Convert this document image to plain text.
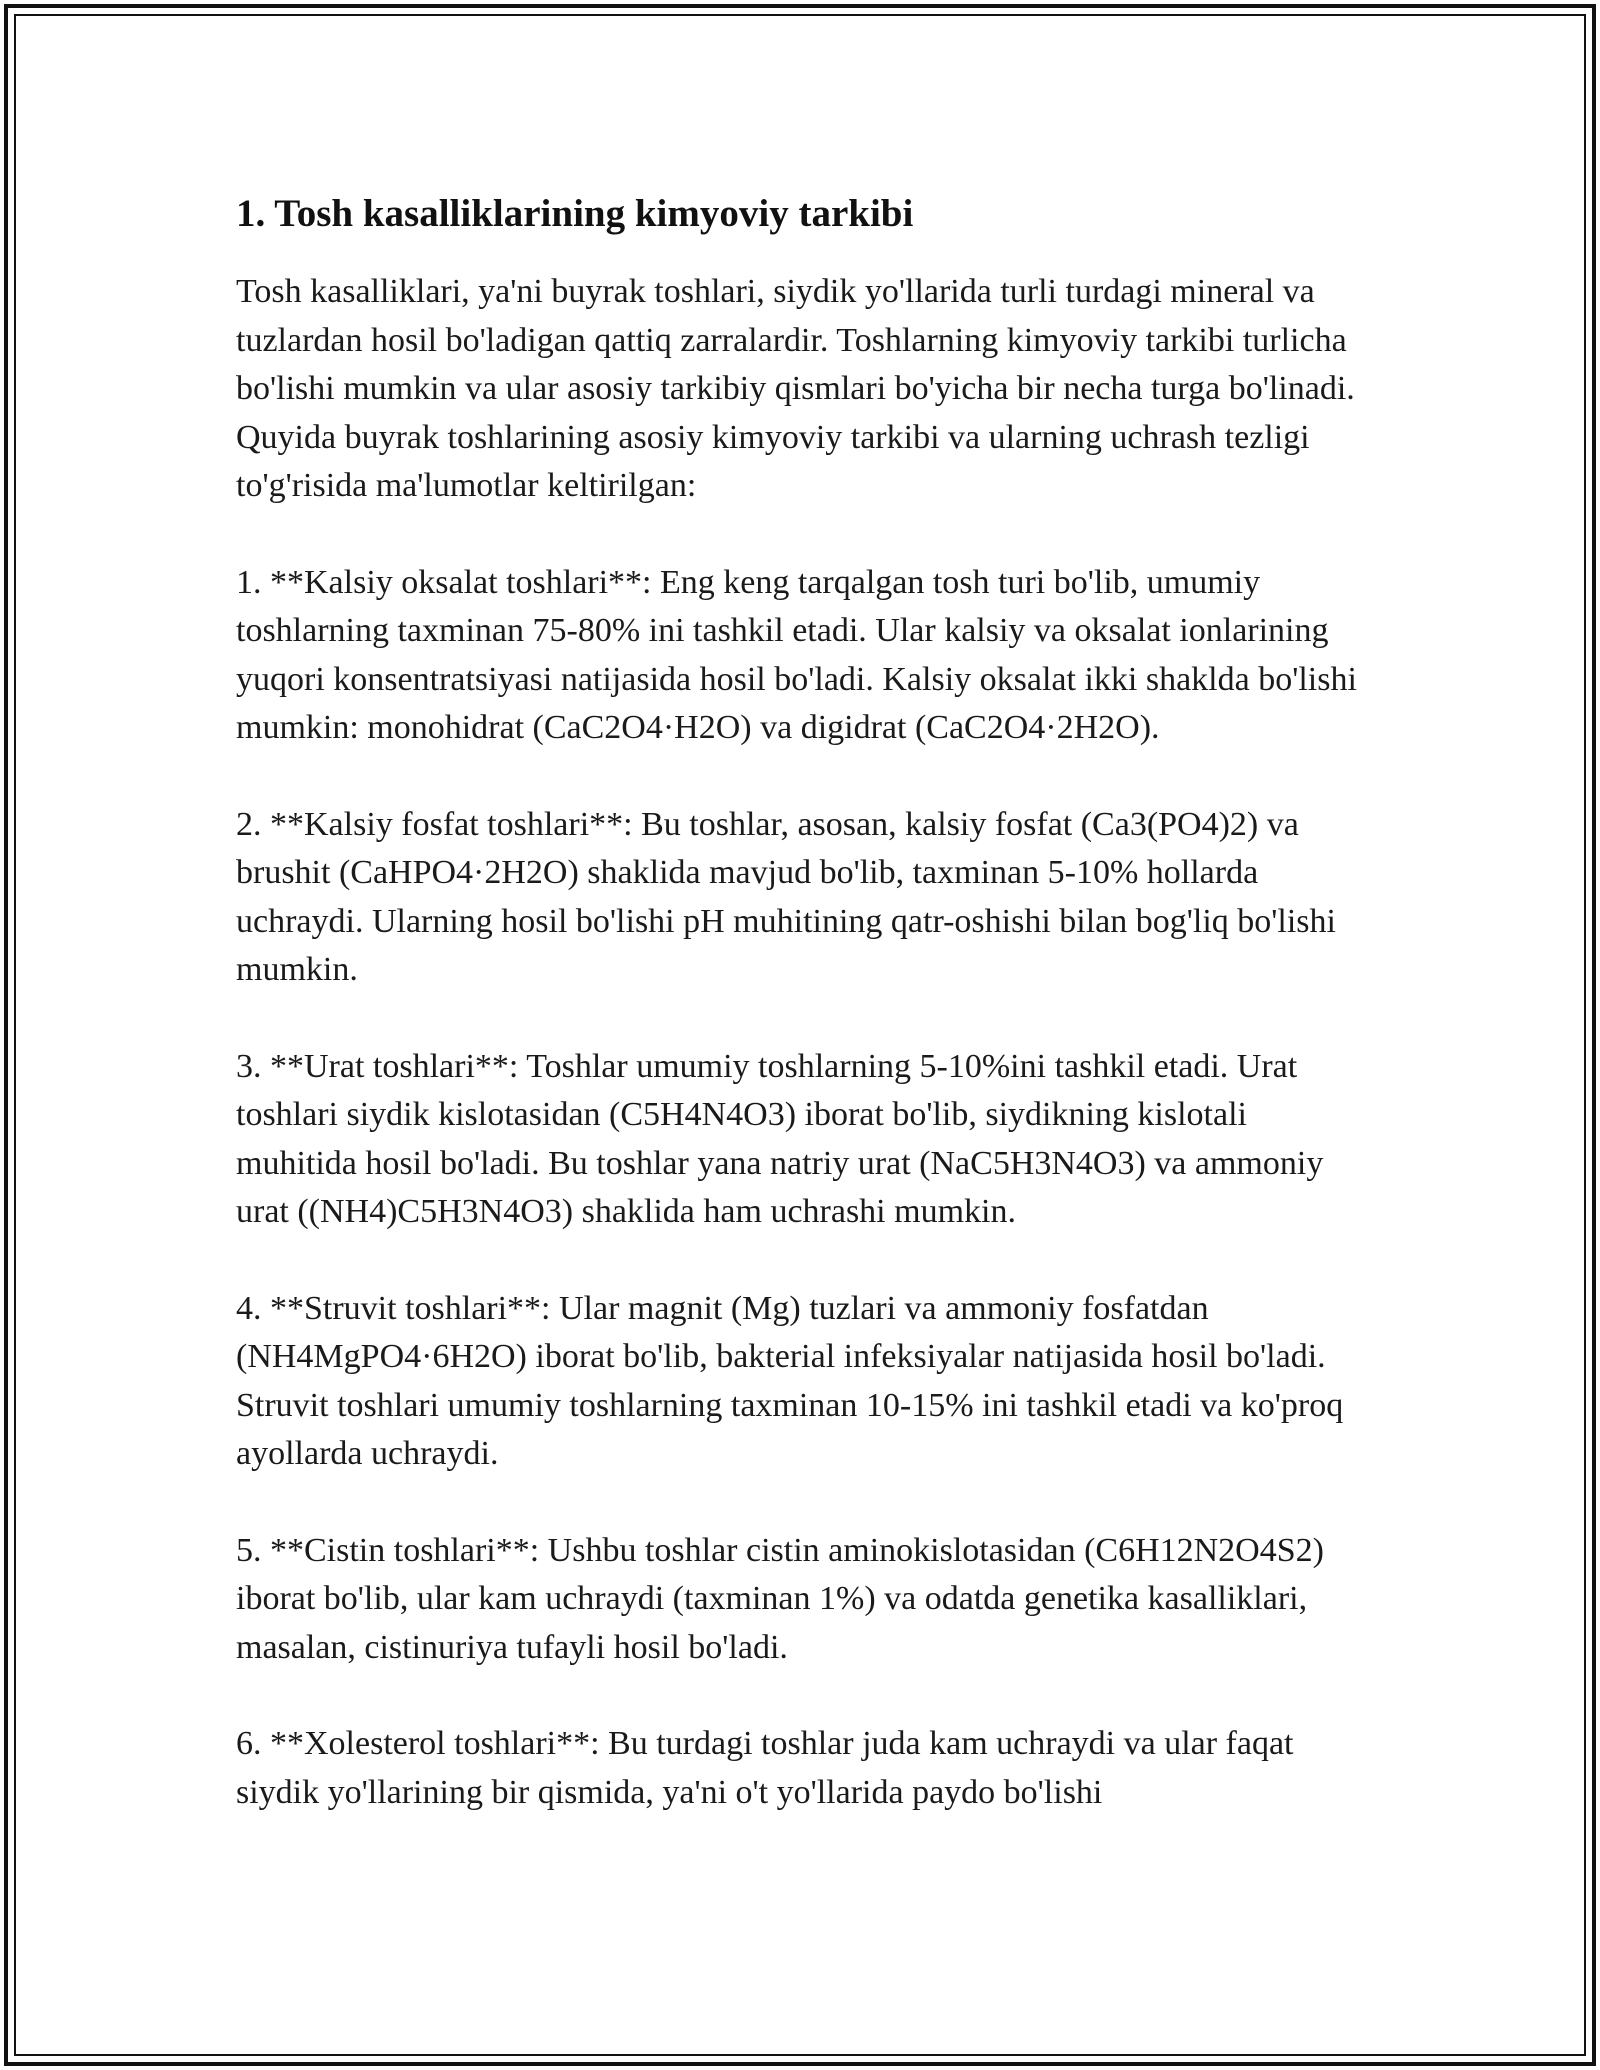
1. Tosh kasalliklarining kimyoviy tarkibi

Tosh kasalliklari, ya'ni buyrak toshlari, siydik yo'llarida turli turdagi mineral va tuzlardan hosil bo'ladigan qattiq zarralardir. Toshlarning kimyoviy tarkibi turlicha bo'lishi mumkin va ular asosiy tarkibiy qismlari bo'yicha bir necha turga bo'linadi. Quyida buyrak toshlarining asosiy kimyoviy tarkibi va ularning uchrash tezligi to'g'risida ma'lumotlar keltirilgan:

1. **Kalsiy oksalat toshlari**: Eng keng tarqalgan tosh turi bo'lib, umumiy toshlarning taxminan 75-80% ini tashkil etadi. Ular kalsiy va oksalat ionlarining yuqori konsentratsiyasi natijasida hosil bo'ladi. Kalsiy oksalat ikki shaklda bo'lishi mumkin: monohidrat (CaC2O4·H2O) va digidrat (CaC2O4·2H2O).

2. **Kalsiy fosfat toshlari**: Bu toshlar, asosan, kalsiy fosfat (Ca3(PO4)2) va brushit (CaHPO4·2H2O) shaklida mavjud bo'lib, taxminan 5-10% hollarda uchraydi. Ularning hosil bo'lishi pH muhitining qatr-oshishi bilan bog'liq bo'lishi mumkin.

3. **Urat toshlari**: Toshlar umumiy toshlarning 5-10%ini tashkil etadi. Urat toshlari siydik kislotasidan (C5H4N4O3) iborat bo'lib, siydikning kislotali muhitida hosil bo'ladi. Bu toshlar yana natriy urat (NaC5H3N4O3) va ammoniy urat ((NH4)C5H3N4O3) shaklida ham uchrashi mumkin.

4. **Struvit toshlari**: Ular magnit (Mg) tuzlari va ammoniy fosfatdan (NH4MgPO4·6H2O) iborat bo'lib, bakterial infeksiyalar natijasida hosil bo'ladi. Struvit toshlari umumiy toshlarning taxminan 10-15% ini tashkil etadi va ko'proq ayollarda uchraydi.

5. **Cistin toshlari**: Ushbu toshlar cistin aminokislotasidan (C6H12N2O4S2) iborat bo'lib, ular kam uchraydi (taxminan 1%) va odatda genetika kasalliklari, masalan, cistinuriya tufayli hosil bo'ladi.

6. **Xolesterol toshlari**: Bu turdagi toshlar juda kam uchraydi va ular faqat siydik yo'llarining bir qismida, ya'ni o't yo'llarida paydo bo'lishi
